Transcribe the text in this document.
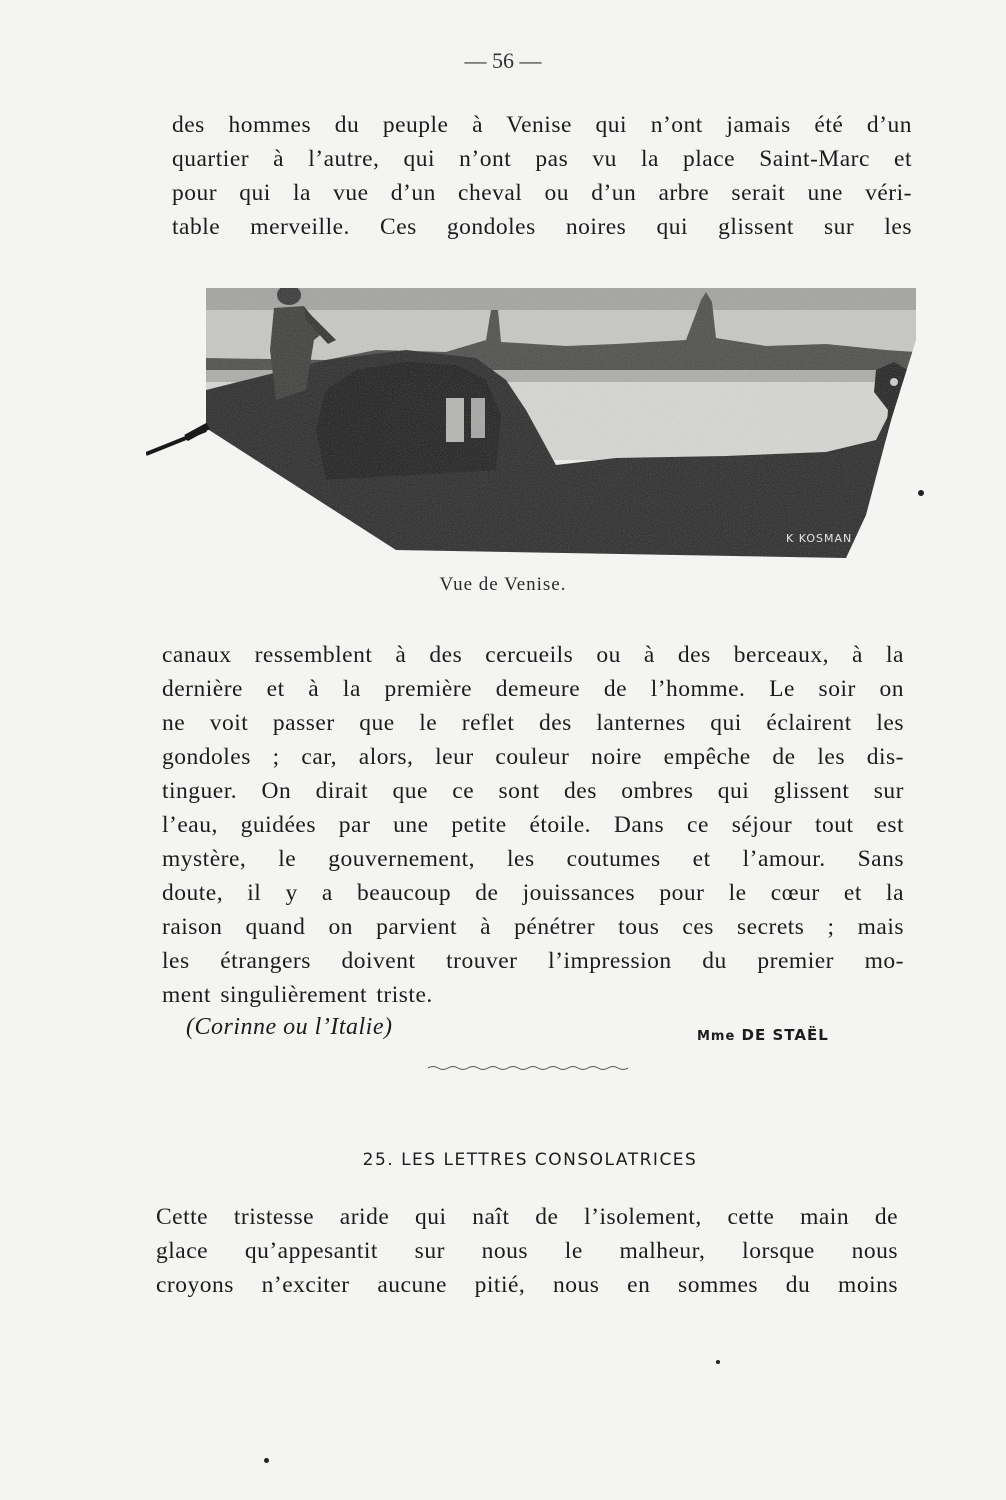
— 56 —

des hommes du peuple à Venise qui n’ont jamais été d’un
quartier à l’autre, qui n’ont pas vu la place Saint-Marc et
pour qui la vue d’un cheval ou d’un arbre serait une véri-
table merveille. Ces gondoles noires qui glissent sur les

K KOSMAN
Vue de Venise.

canaux ressemblent à des cercueils ou à des berceaux, à la
dernière et à la première demeure de l’homme. Le soir on
ne voit passer que le reflet des lanternes qui éclairent les
gondoles ; car, alors, leur couleur noire empêche de les dis-
tinguer. On dirait que ce sont des ombres qui glissent sur
l’eau, guidées par une petite étoile. Dans ce séjour tout est
mystère, le gouvernement, les coutumes et l’amour. Sans
doute, il y a beaucoup de jouissances pour le cœur et la
raison quand on parvient à pénétrer tous ces secrets ; mais
les étrangers doivent trouver l’impression du premier mo-
ment singulièrement triste.

(Corinne ou l’Italie)	Mme DE STAËL
25. LES LETTRES CONSOLATRICES

Cette tristesse aride qui naît de l’isolement, cette main de
glace qu’appesantit sur nous le malheur, lorsque nous
croyons n’exciter aucune pitié, nous en sommes du moins
